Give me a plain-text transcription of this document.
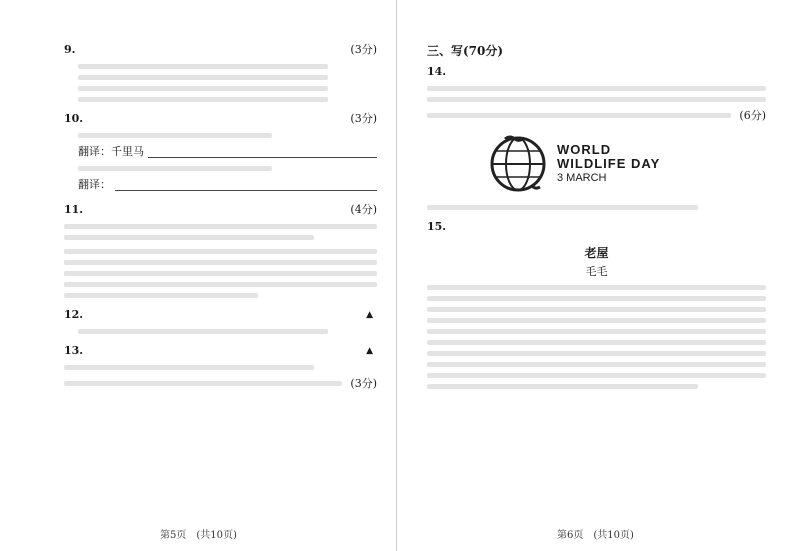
9.	(3分)
10.	(3分)
翻译： 千里马
翻译：
11.	(4分)
12.	▲
13.	▲
(3分)
第5页　(共10页)
三、写(70分)
14.
(6分)
WORLD
WILDLIFE DAY
3 MARCH
15.
老屋
毛毛
第6页　(共10页)
